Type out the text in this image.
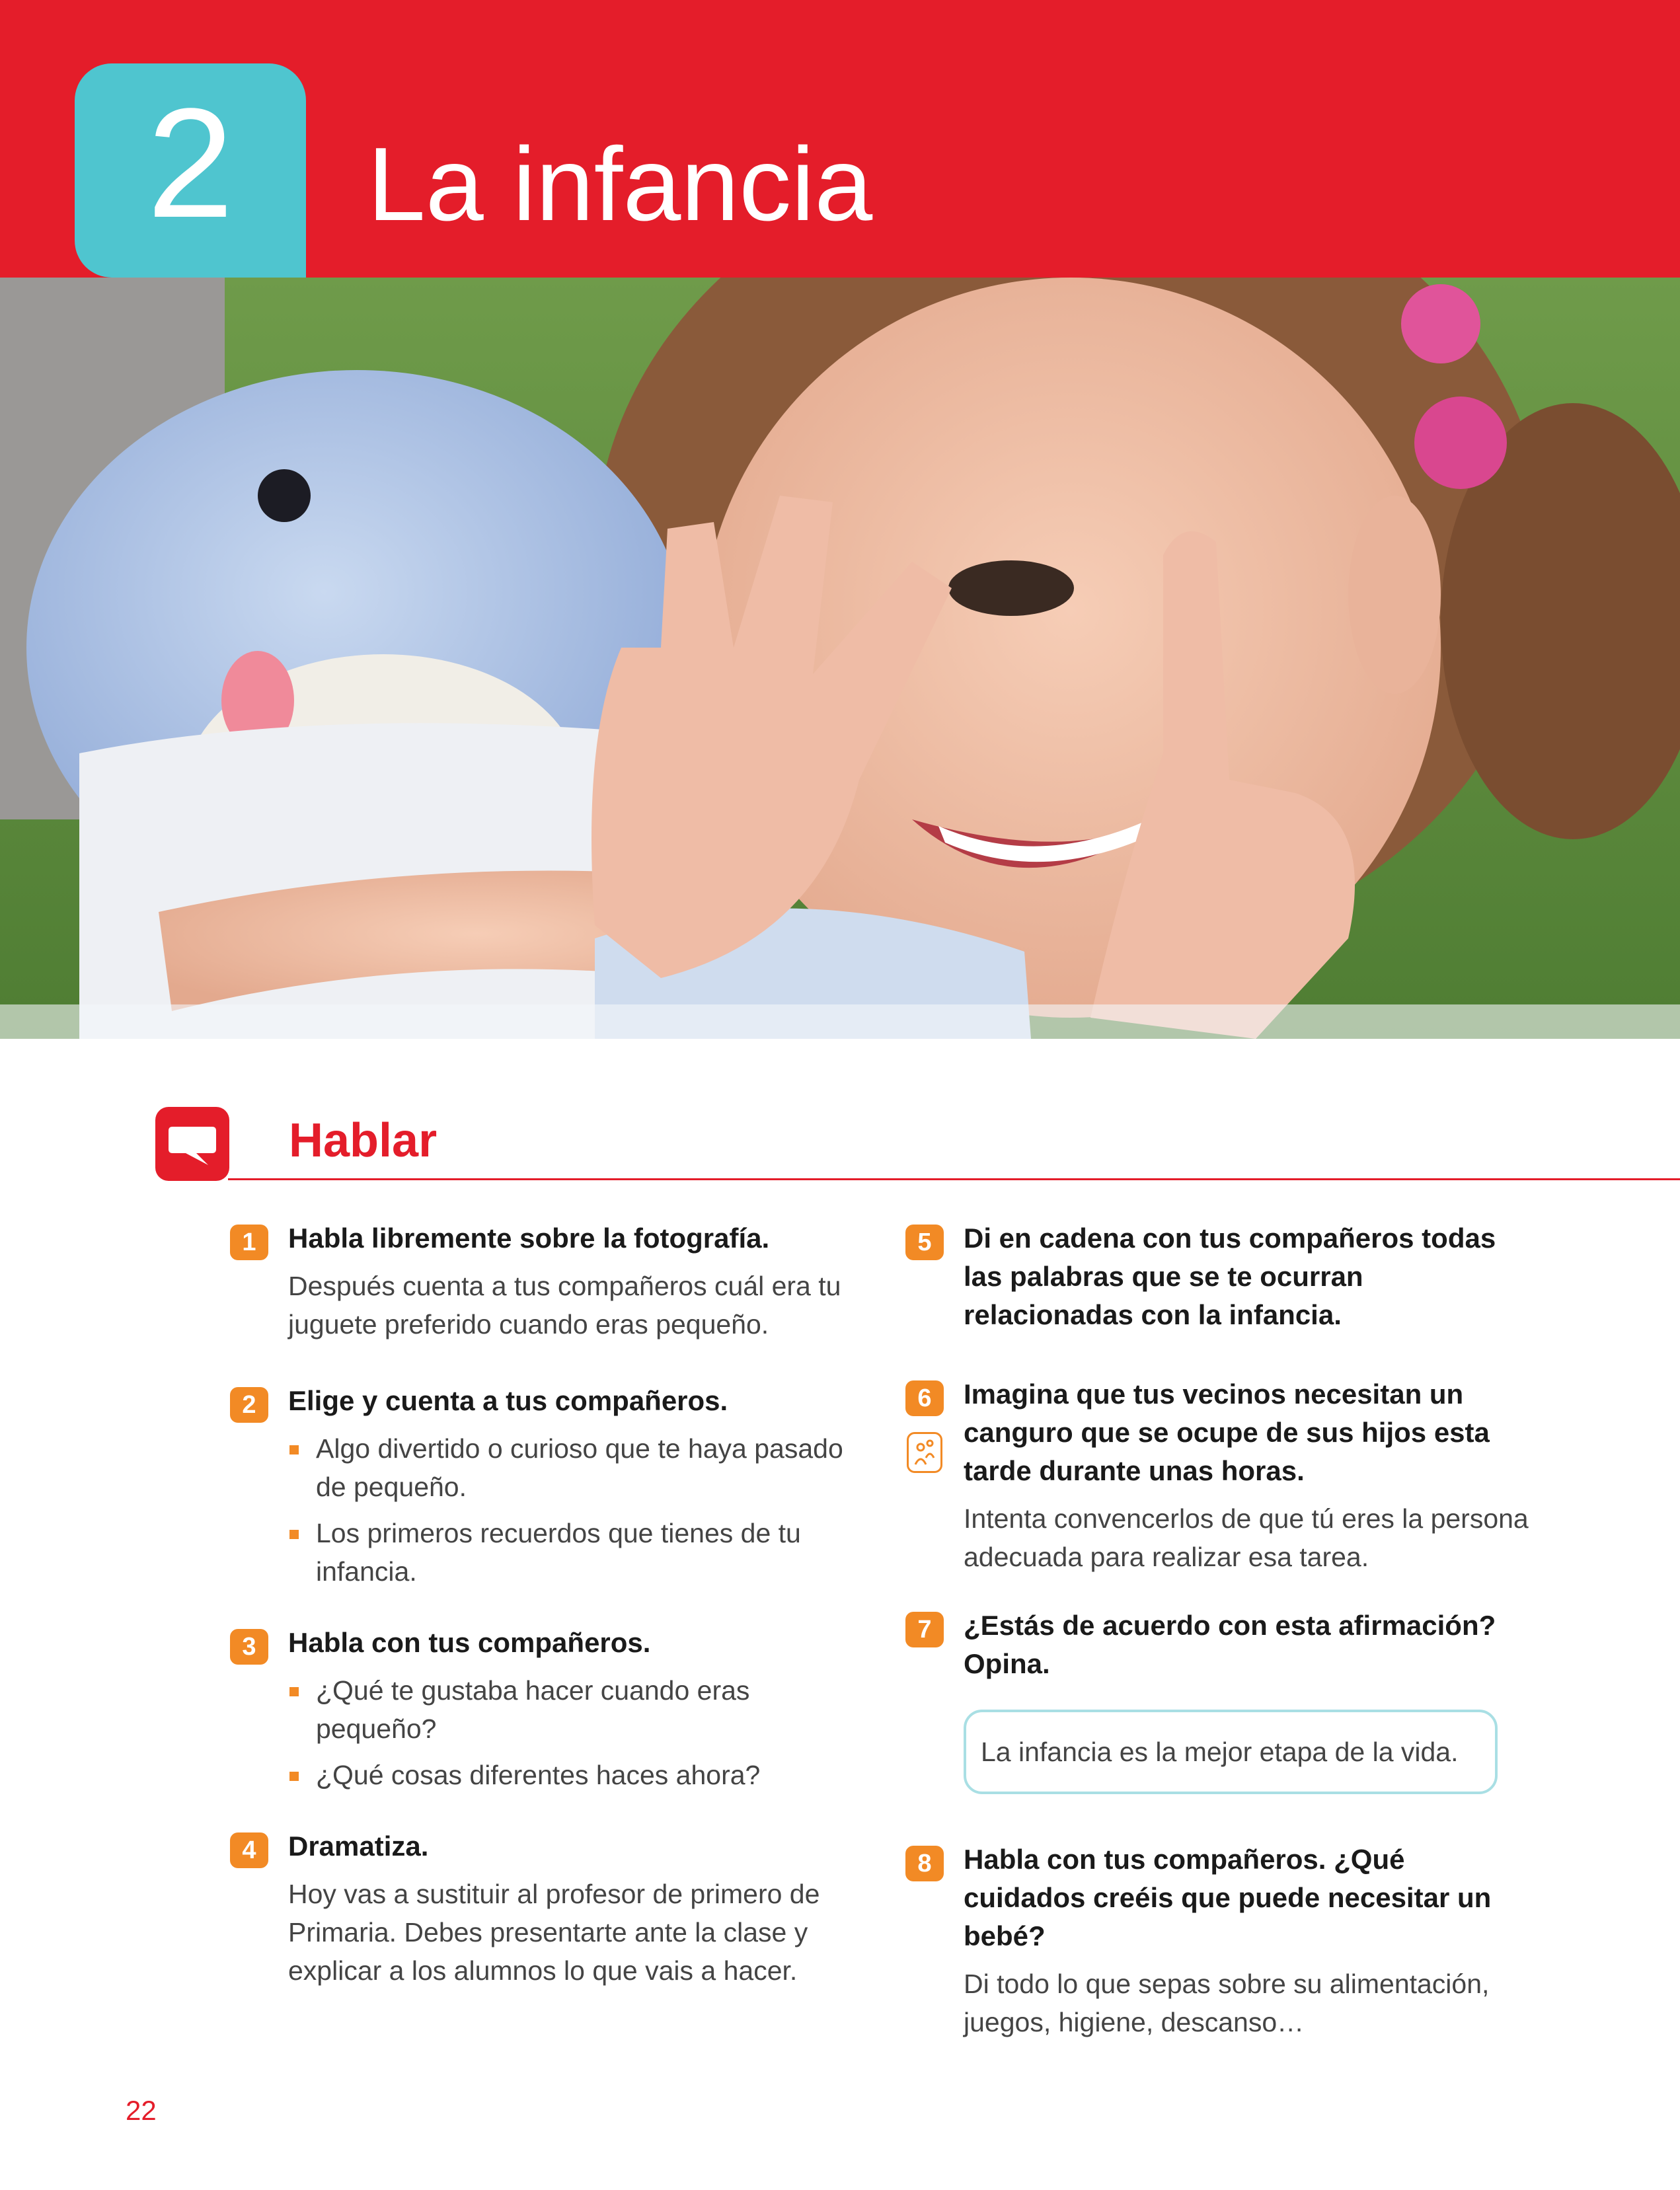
2 La infancia
Hablar
1	Habla libremente sobre la fotografía.
Después cuenta a tus compañeros cuál era tu juguete preferido cuando eras pequeño.
2	Elige y cuenta a tus compañeros.
Algo divertido o curioso que te haya pasado de pequeño.
Los primeros recuerdos que tienes de tu infancia.
3	Habla con tus compañeros.
¿Qué te gustaba hacer cuando eras pequeño?
¿Qué cosas diferentes haces ahora?
4	Dramatiza.
Hoy vas a sustituir al profesor de primero de Primaria. Debes presentarte ante la clase y explicar a los alumnos lo que vais a hacer.
5	Di en cadena con tus compañeros todas las palabras que se te ocurran relacionadas con la infancia.
6	Imagina que tus vecinos necesitan un canguro que se ocupe de sus hijos esta tarde durante unas horas.
Intenta convencerlos de que tú eres la persona adecuada para realizar esa tarea.
7	¿Estás de acuerdo con esta afirmación? Opina.
La infancia es la mejor etapa de la vida.
8	Habla con tus compañeros. ¿Qué cuidados creéis que puede necesitar un bebé?
Di todo lo que sepas sobre su alimentación, juegos, higiene, descanso…
22
